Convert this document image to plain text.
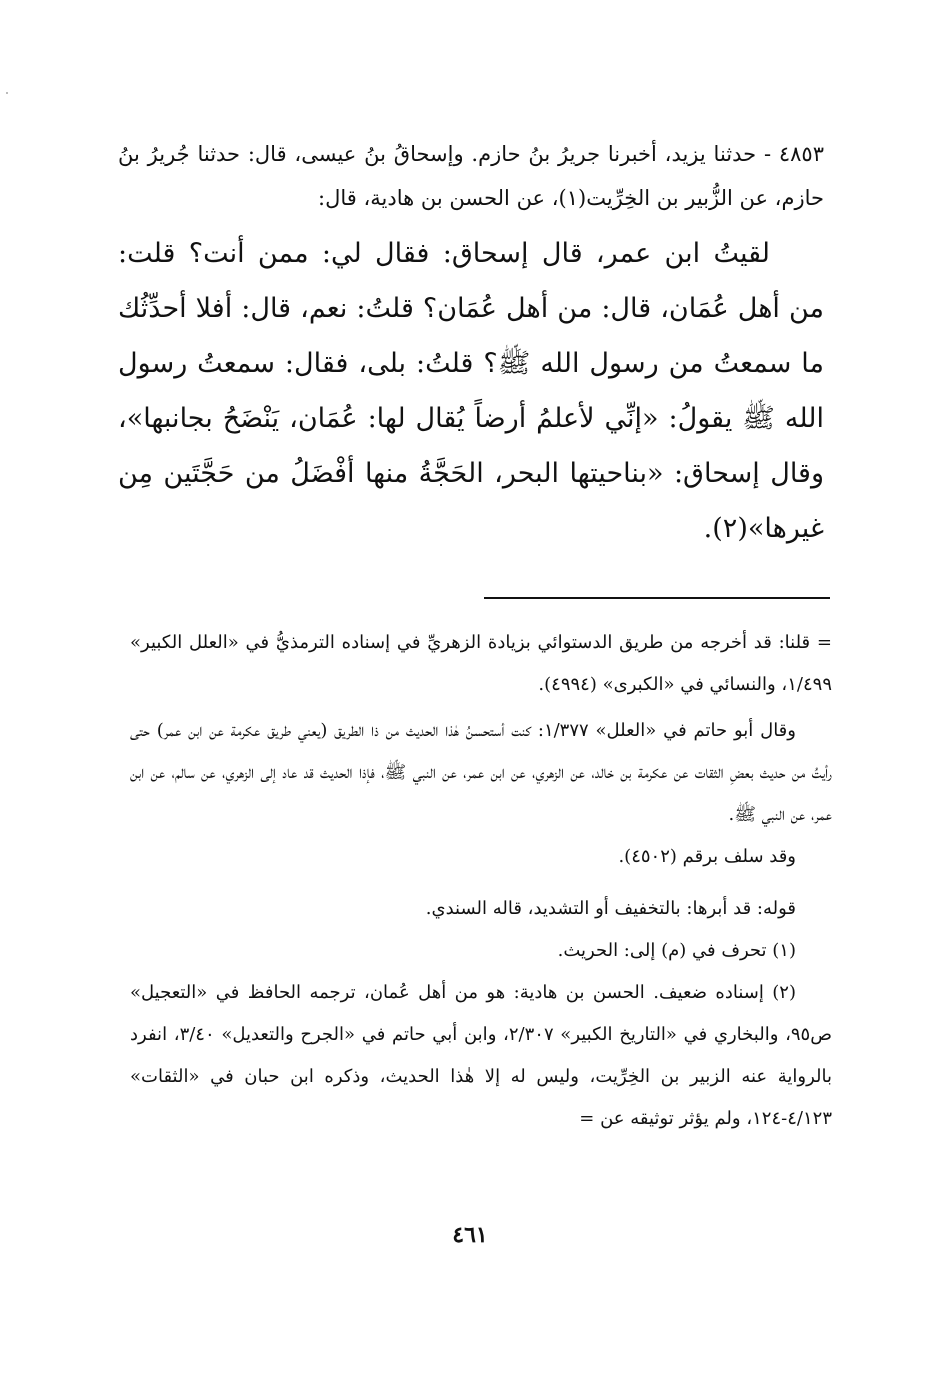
٤٨٥٣ - حدثنا يزيد، أخبرنا جريرُ بنُ حازم. وإسحاقُ بنُ عيسى، قال: حدثنا جُريرُ بنُ حازم، عن الزُّبير بن الخِرِّيت(١)، عن الحسن بن هادية، قال:

لقيتُ ابن عمر، قال إسحاق: فقال لي: ممن أنت؟ قلت: من أهل عُمَان، قال: من أهل عُمَان؟ قلتُ: نعم، قال: أفلا أحدِّثُك ما سمعتُ من رسول الله ﷺ؟ قلتُ: بلى، فقال: سمعتُ رسول الله ﷺ يقولُ: «إنِّي لأعلمُ أرضاً يُقال لها: عُمَان، يَنْضَحُ بجانبها»، وقال إسحاق: «بناحيتها البحر، الحَجَّةُ منها أفْضَلُ من حَجَّتَين مِن غيرها»(٢).

= قلنا: قد أخرجه من طريق الدستوائي بزيادة الزهريِّ في إسناده الترمذيُّ في «العلل الكبير» ١/٤٩٩، والنسائي في «الكبرى» (٤٩٩٤).

وقال أبو حاتم في «العلل» ١/٣٧٧: كنت أستحسنُ هٰذا الحديث من ذا الطريق (يعني طريق عكرمة عن ابن عمر) حتى رأيتُ من حديث بعضِ الثقات عن عكرمة بن خالد، عن الزهري، عن ابن عمر، عن النبي ﷺ، فإذا الحديث قد عاد إلى الزهري، عن سالم، عن ابن عمر، عن النبي ﷺ.

وقد سلف برقم (٤٥٠٢).

قوله: قد أبرها: بالتخفيف أو التشديد، قاله السندي.

(١) تحرف في (م) إلى: الحريث.

(٢) إسناده ضعيف. الحسن بن هادية: هو من أهل عُمان، ترجمه الحافظ في «التعجيل» ص٩٥، والبخاري في «التاريخ الكبير» ٢/٣٠٧، وابن أبي حاتم في «الجرح والتعديل» ٣/٤٠، انفرد بالرواية عنه الزبير بن الخِرِّيت، وليس له إلا هٰذا الحديث، وذكره ابن حبان في «الثقات» ٤/١٢٣-١٢٤، ولم يؤثر توثيقه عن =

٤٦١
